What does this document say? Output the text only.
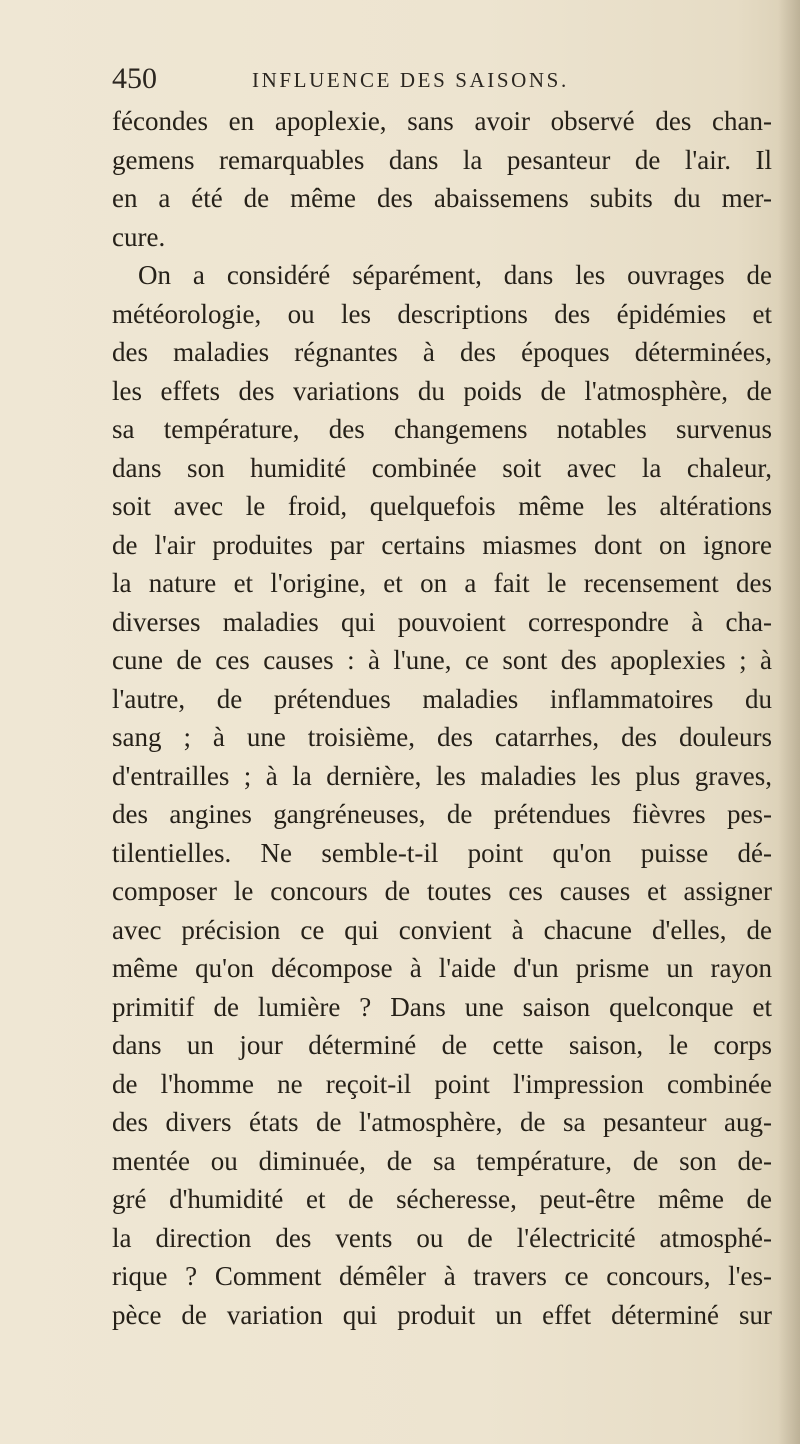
450	INFLUENCE DES SAISONS.
fécondes en apoplexie, sans avoir observé des chan-
gemens remarquables dans la pesanteur de l'air. Il
en a été de même des abaissemens subits du mer-
cure.
On a considéré séparément, dans les ouvrages de
météorologie, ou les descriptions des épidémies et
des maladies régnantes à des époques déterminées,
les effets des variations du poids de l'atmosphère, de
sa température, des changemens notables survenus
dans son humidité combinée soit avec la chaleur,
soit avec le froid, quelquefois même les altérations
de l'air produites par certains miasmes dont on ignore
la nature et l'origine, et on a fait le recensement des
diverses maladies qui pouvoient correspondre à cha-
cune de ces causes : à l'une, ce sont des apoplexies ; à
l'autre, de prétendues maladies inflammatoires du
sang ; à une troisième, des catarrhes, des douleurs
d'entrailles ; à la dernière, les maladies les plus graves,
des angines gangréneuses, de prétendues fièvres pes-
tilentielles. Ne semble-t-il point qu'on puisse dé-
composer le concours de toutes ces causes et assigner
avec précision ce qui convient à chacune d'elles, de
même qu'on décompose à l'aide d'un prisme un rayon
primitif de lumière ? Dans une saison quelconque et
dans un jour déterminé de cette saison, le corps
de l'homme ne reçoit-il point l'impression combinée
des divers états de l'atmosphère, de sa pesanteur aug-
mentée ou diminuée, de sa température, de son de-
gré d'humidité et de sécheresse, peut-être même de
la direction des vents ou de l'électricité atmosphé-
rique ? Comment démêler à travers ce concours, l'es-
pèce de variation qui produit un effet déterminé sur
